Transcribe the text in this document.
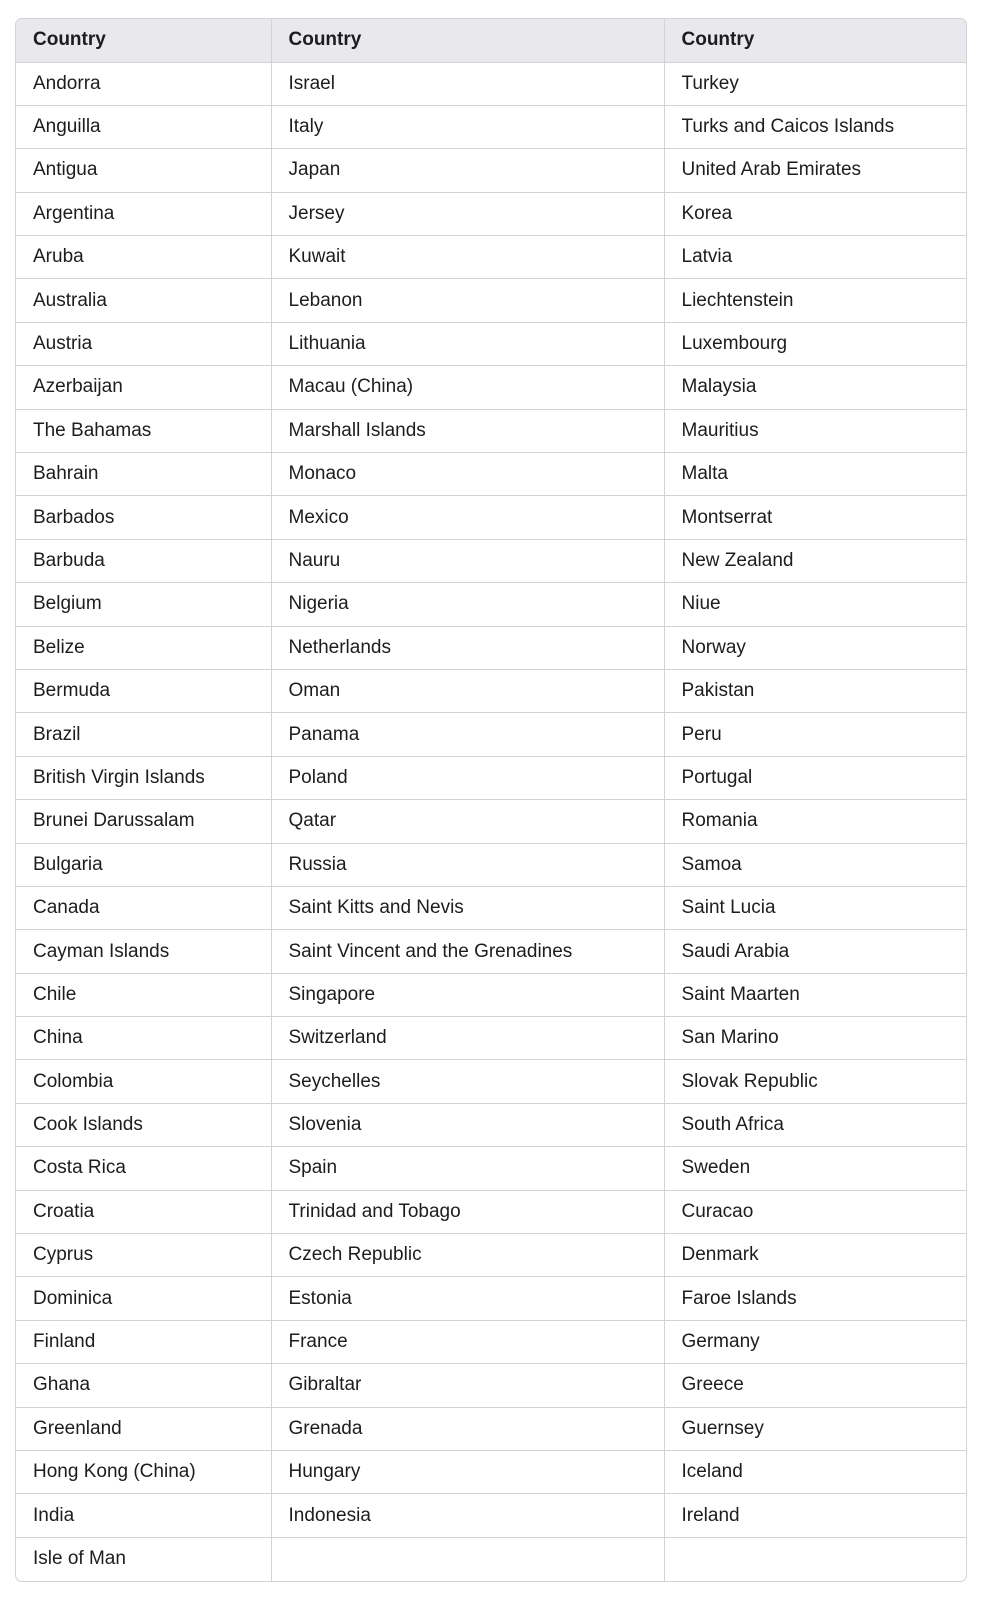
Country	Country	Country
Andorra	Israel	Turkey
Anguilla	Italy	Turks and Caicos Islands
Antigua	Japan	United Arab Emirates
Argentina	Jersey	Korea
Aruba	Kuwait	Latvia
Australia	Lebanon	Liechtenstein
Austria	Lithuania	Luxembourg
Azerbaijan	Macau (China)	Malaysia
The Bahamas	Marshall Islands	Mauritius
Bahrain	Monaco	Malta
Barbados	Mexico	Montserrat
Barbuda	Nauru	New Zealand
Belgium	Nigeria	Niue
Belize	Netherlands	Norway
Bermuda	Oman	Pakistan
Brazil	Panama	Peru
British Virgin Islands	Poland	Portugal
Brunei Darussalam	Qatar	Romania
Bulgaria	Russia	Samoa
Canada	Saint Kitts and Nevis	Saint Lucia
Cayman Islands	Saint Vincent and the Grenadines	Saudi Arabia
Chile	Singapore	Saint Maarten
China	Switzerland	San Marino
Colombia	Seychelles	Slovak Republic
Cook Islands	Slovenia	South Africa
Costa Rica	Spain	Sweden
Croatia	Trinidad and Tobago	Curacao
Cyprus	Czech Republic	Denmark
Dominica	Estonia	Faroe Islands
Finland	France	Germany
Ghana	Gibraltar	Greece
Greenland	Grenada	Guernsey
Hong Kong (China)	Hungary	Iceland
India	Indonesia	Ireland
Isle of Man		
